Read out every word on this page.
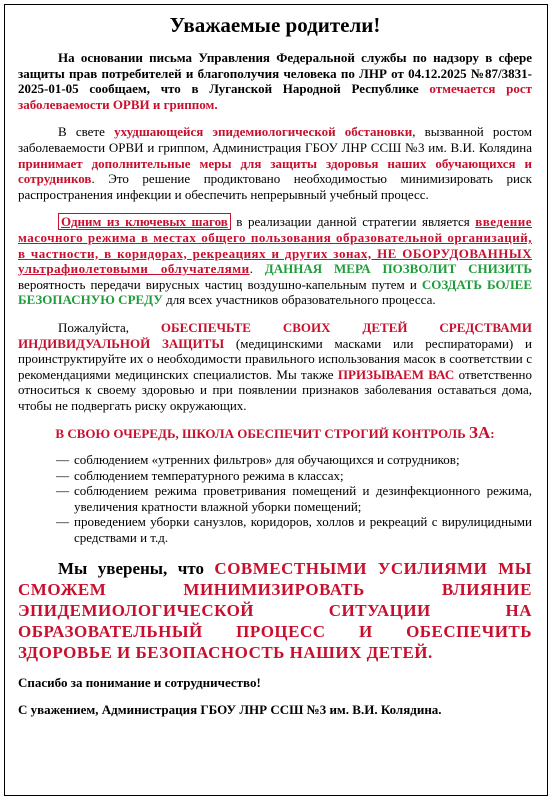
Уважаемые родители!

На основании письма Управления Федеральной службы по надзору в сфере защиты прав потребителей и благополучия человека по ЛНР от 04.12.2025 №87/3831-2025-01-05 сообщаем, что в Луганской Народной Республике отмечается рост заболеваемости ОРВИ и гриппом.

В свете ухудшающейся эпидемиологической обстановки, вызванной ростом заболеваемости ОРВИ и гриппом, Администрация ГБОУ ЛНР ССШ №3 им. В.И. Колядина принимает дополнительные меры для защиты здоровья наших обучающихся и сотрудников. Это решение продиктовано необходимостью минимизировать риск распространения инфекции и обеспечить непрерывный учебный процесс.

Одним из ключевых шагов в реализации данной стратегии является введение масочного режима в местах общего пользования образовательной организаций, в частности, в коридорах, рекреациях и других зонах, НЕ ОБОРУДОВАННЫХ ультрафиолетовыми облучателями. ДАННАЯ МЕРА ПОЗВОЛИТ СНИЗИТЬ вероятность передачи вирусных частиц воздушно-капельным путем и СОЗДАТЬ БОЛЕЕ БЕЗОПАСНУЮ СРЕДУ для всех участников образовательного процесса.

Пожалуйста, ОБЕСПЕЧЬТЕ СВОИХ ДЕТЕЙ СРЕДСТВАМИ ИНДИВИДУАЛЬНОЙ ЗАЩИТЫ (медицинскими масками или респираторами) и проинструктируйте их о необходимости правильного использования масок в соответствии с рекомендациями медицинских специалистов. Мы также ПРИЗЫВАЕМ ВАС ответственно относиться к своему здоровью и при появлении признаков заболевания оставаться дома, чтобы не подвергать риску окружающих.

В СВОЮ ОЧЕРЕДЬ, ШКОЛА ОБЕСПЕЧИТ СТРОГИЙ КОНТРОЛЬ ЗА:

— соблюдением «утренних фильтров» для обучающихся и сотрудников;
— соблюдением температурного режима в классах;
— соблюдением режима проветривания помещений и дезинфекционного режима, увеличения кратности влажной уборки помещений;
— проведением уборки санузлов, коридоров, холлов и рекреаций с вирулицидными средствами и т.д.

Мы уверены, что СОВМЕСТНЫМИ УСИЛИЯМИ МЫ СМОЖЕМ МИНИМИЗИРОВАТЬ ВЛИЯНИЕ ЭПИДЕМИОЛОГИЧЕСКОЙ СИТУАЦИИ НА ОБРАЗОВАТЕЛЬНЫЙ ПРОЦЕСС И ОБЕСПЕЧИТЬ ЗДОРОВЬЕ И БЕЗОПАСНОСТЬ НАШИХ ДЕТЕЙ.

Спасибо за понимание и сотрудничество!

С уважением, Администрация ГБОУ ЛНР ССШ №3 им. В.И. Колядина.
